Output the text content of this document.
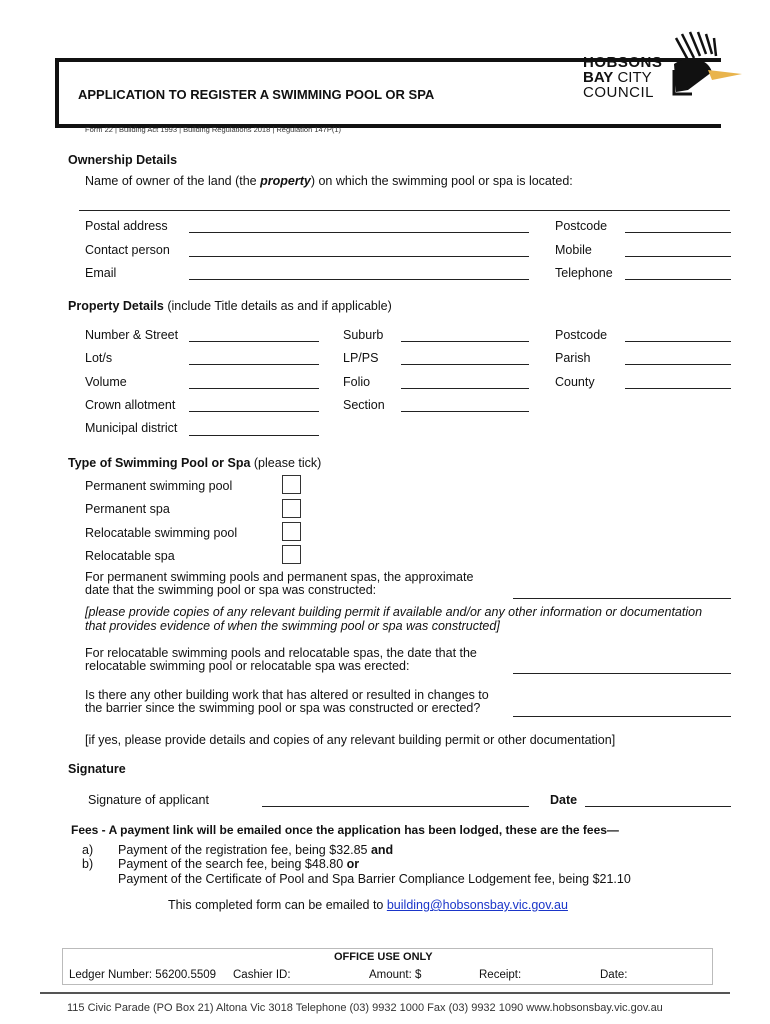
APPLICATION TO REGISTER A SWIMMING POOL OR SPA
Form 22 | Building Act 1993 | Building Regulations 2018 | Regulation 147P(1)
HOBSONS
BAY CITY
COUNCIL
Ownership Details
Name of owner of the land (the property) on which the swimming pool or spa is located:
Postal address	Postcode
Contact person	Mobile
Email	Telephone
Property Details (include Title details as and if applicable)
Number & Street	Suburb	Postcode
Lot/s	LP/PS	Parish
Volume	Folio	County
Crown allotment	Section
Municipal district
Type of Swimming Pool or Spa (please tick)
Permanent swimming pool
Permanent spa
Relocatable swimming pool
Relocatable spa
For permanent swimming pools and permanent spas, the approximate
date that the swimming pool or spa was constructed:
[please provide copies of any relevant building permit if available and/or any other information or documentation
that provides evidence of when the swimming pool or spa was constructed]
For relocatable swimming pools and relocatable spas, the date that the
relocatable swimming pool or relocatable spa was erected:
Is there any other building work that has altered or resulted in changes to
the barrier since the swimming pool or spa was constructed or erected?
[if yes, please provide details and copies of any relevant building permit or other documentation]
Signature
Signature of applicant	Date
Fees - A payment link will be emailed once the application has been lodged, these are the fees—
a) Payment of the registration fee, being $32.85 and
b) Payment of the search fee, being $48.80 or
Payment of the Certificate of Pool and Spa Barrier Compliance Lodgement fee, being $21.10
This completed form can be emailed to building@hobsonsbay.vic.gov.au
OFFICE USE ONLY
Ledger Number: 56200.5509 Cashier ID:	Amount: $	Receipt:	Date:
115 Civic Parade (PO Box 21) Altona Vic 3018 Telephone (03) 9932 1000 Fax (03) 9932 1090 www.hobsonsbay.vic.gov.au
